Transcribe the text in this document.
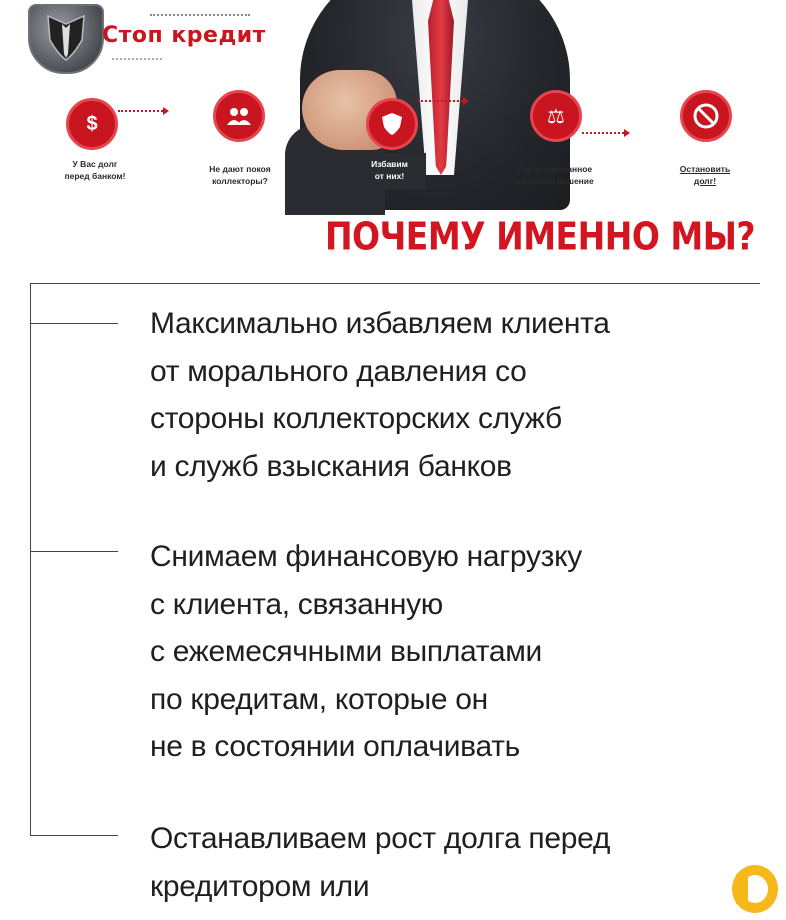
Стоп кредит
$
У Вас долг
перед банком!
Не дают покоя
коллекторы?
Избавим
от них!
⚖
Гарантированное
законное решение
Остановить
долг!
ПОЧЕМУ ИМЕННО МЫ?
Максимально избавляем клиента
от морального давления со
стороны коллекторских служб
и служб взыскания банков
Снимаем финансовую нагрузку
с клиента, связанную
с ежемесячными выплатами
по кредитам, которые он
не в состоянии оплачивать
Останавливаем рост долга перед
кредитором или
